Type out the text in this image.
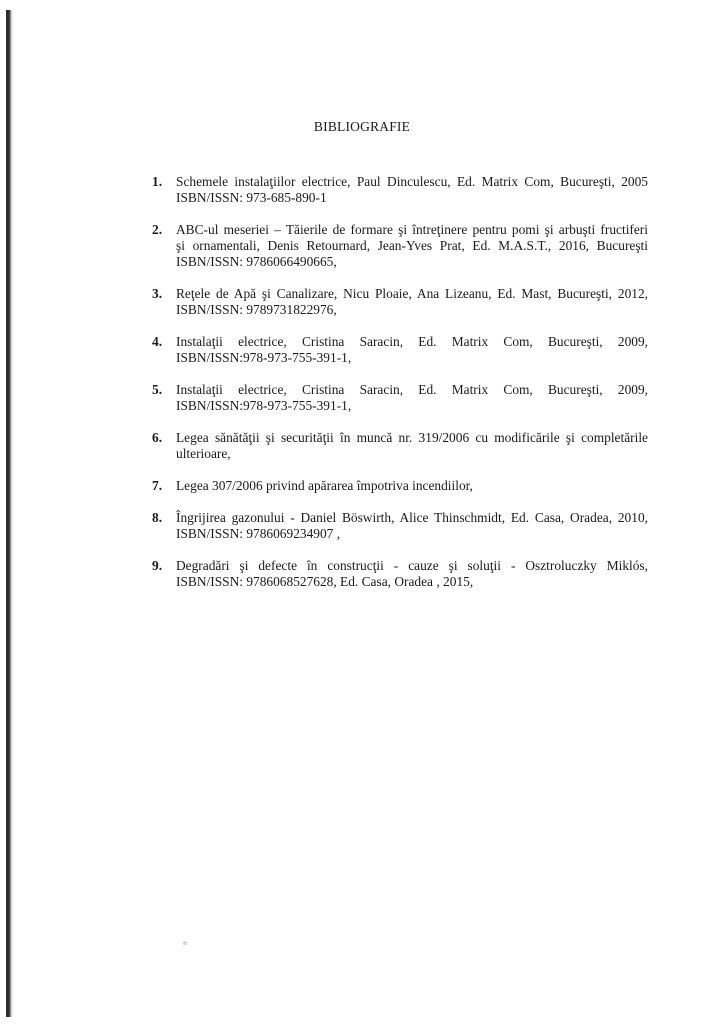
BIBLIOGRAFIE
1. Schemele instalaţiilor electrice, Paul Dinculescu, Ed. Matrix Com, Bucureşti, 2005
ISBN/ISSN: 973-685-890-1
2. ABC-ul meseriei – Tăierile de formare şi întreţinere pentru pomi şi arbuşti fructiferi
şi ornamentali, Denis Retournard, Jean-Yves Prat, Ed. M.A.S.T., 2016, Bucureşti
ISBN/ISSN: 9786066490665,
3. Reţele de Apă şi Canalizare, Nicu Ploaie, Ana Lizeanu, Ed. Mast, Bucureşti, 2012,
ISBN/ISSN: 9789731822976,
4. Instalaţii electrice, Cristina Saracin, Ed. Matrix Com, Bucureşti, 2009,
ISBN/ISSN:978-973-755-391-1,
5. Instalaţii electrice, Cristina Saracin, Ed. Matrix Com, Bucureşti, 2009,
ISBN/ISSN:978-973-755-391-1,
6. Legea sănătăţii şi securităţii în muncă nr. 319/2006 cu modificările şi completările
ulterioare,
7. Legea 307/2006 privind apărarea împotriva incendiilor,
8. Îngrijirea gazonului - Daniel Böswirth, Alice Thinschmidt, Ed. Casa, Oradea, 2010,
ISBN/ISSN: 9786069234907 ,
9. Degradări şi defecte în construcţii - cauze şi soluţii - Osztroluczky Miklós,
ISBN/ISSN: 9786068527628, Ed. Casa, Oradea , 2015,
